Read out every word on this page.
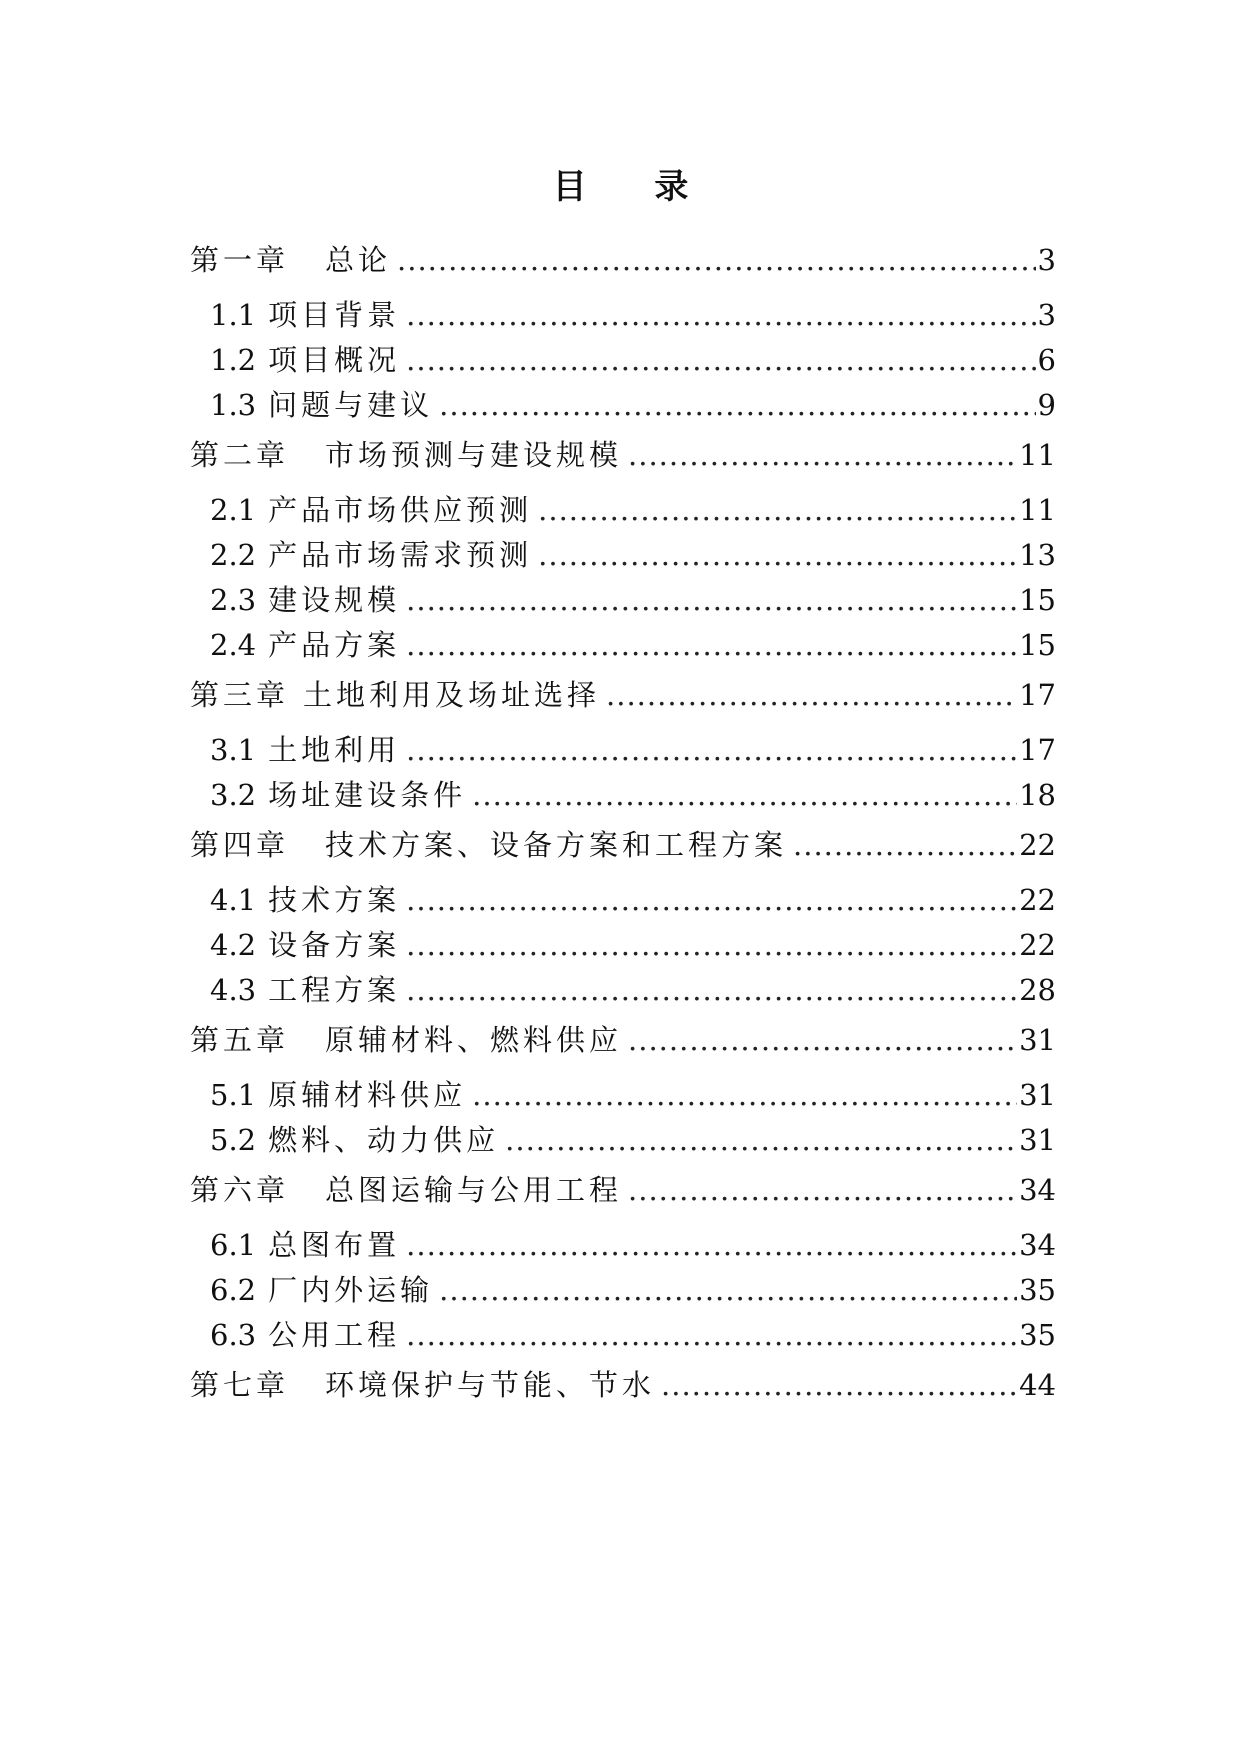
目 录
第一章 总论 .....	3
1.1 项目背景 .....	3
1.2 项目概况 .....	6
1.3 问题与建议 .....	9
第二章 市场预测与建设规模 .....	11
2.1 产品市场供应预测 .....	11
2.2 产品市场需求预测 .....	13
2.3 建设规模 .....	15
2.4 产品方案 .....	15
第三章 土地利用及场址选择 .....	17
3.1 土地利用 .....	17
3.2 场址建设条件 .....	18
第四章 技术方案、设备方案和工程方案 .....	22
4.1 技术方案 .....	22
4.2 设备方案 .....	22
4.3 工程方案 .....	28
第五章 原辅材料、燃料供应 .....	31
5.1 原辅材料供应 .....	31
5.2 燃料、动力供应 .....	31
第六章 总图运输与公用工程 .....	34
6.1 总图布置 .....	34
6.2 厂内外运输 .....	35
6.3 公用工程 .....	35
第七章 环境保护与节能、节水 .....	44
